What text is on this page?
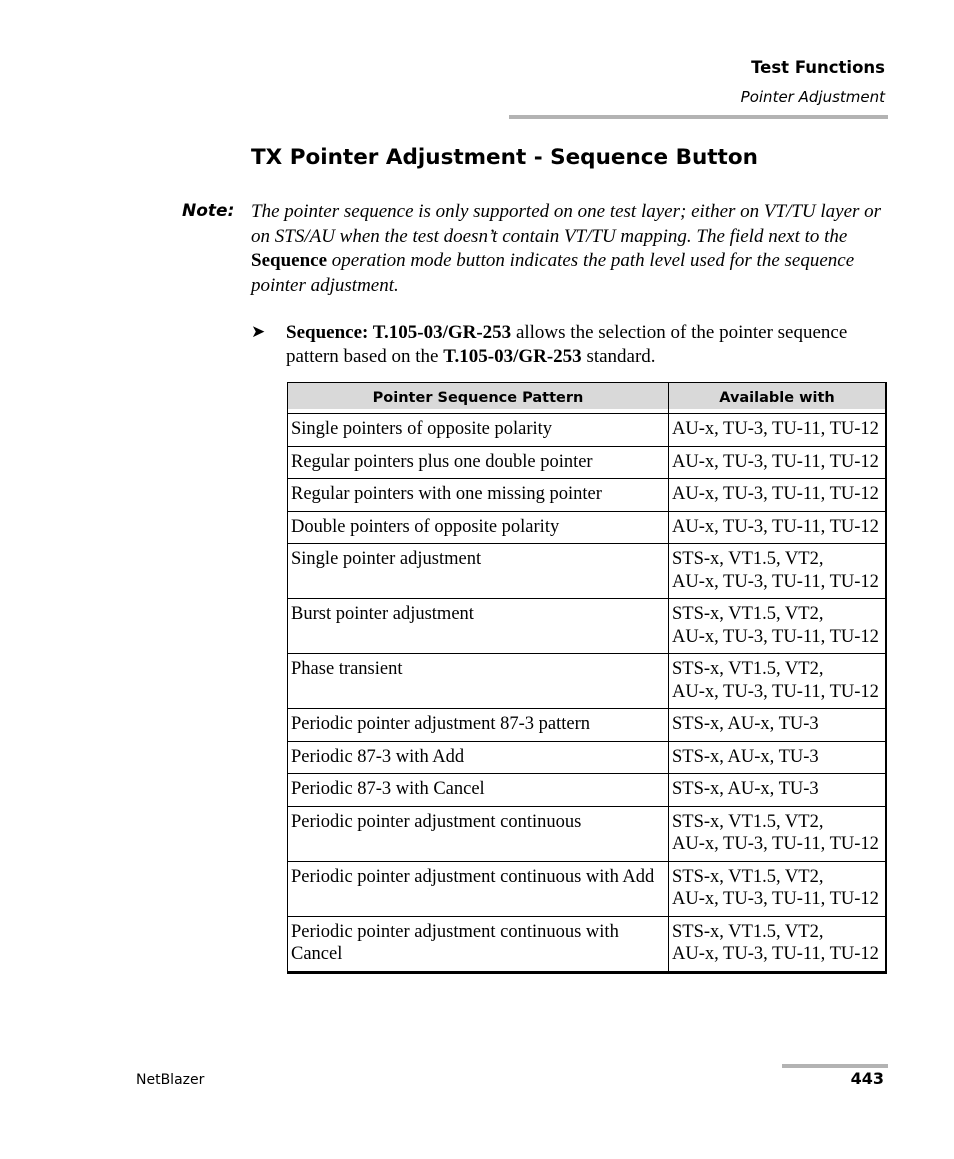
Test Functions
Pointer Adjustment
TX Pointer Adjustment - Sequence Button
Note: The pointer sequence is only supported on one test layer; either on VT/TU layer or on STS/AU when the test doesn’t contain VT/TU mapping. The field next to the Sequence operation mode button indicates the path level used for the sequence pointer adjustment.
➤ Sequence: T.105-03/GR-253 allows the selection of the pointer sequence pattern based on the T.105-03/GR-253 standard.
Pointer Sequence Pattern	Available with
Single pointers of opposite polarity	AU-x, TU-3, TU-11, TU-12
Regular pointers plus one double pointer	AU-x, TU-3, TU-11, TU-12
Regular pointers with one missing pointer	AU-x, TU-3, TU-11, TU-12
Double pointers of opposite polarity	AU-x, TU-3, TU-11, TU-12
Single pointer adjustment	STS-x, VT1.5, VT2,
AU-x, TU-3, TU-11, TU-12
Burst pointer adjustment	STS-x, VT1.5, VT2,
AU-x, TU-3, TU-11, TU-12
Phase transient	STS-x, VT1.5, VT2,
AU-x, TU-3, TU-11, TU-12
Periodic pointer adjustment 87-3 pattern	STS-x, AU-x, TU-3
Periodic 87-3 with Add	STS-x, AU-x, TU-3
Periodic 87-3 with Cancel	STS-x, AU-x, TU-3
Periodic pointer adjustment continuous	STS-x, VT1.5, VT2,
AU-x, TU-3, TU-11, TU-12
Periodic pointer adjustment continuous with Add	STS-x, VT1.5, VT2,
AU-x, TU-3, TU-11, TU-12
Periodic pointer adjustment continuous with Cancel	STS-x, VT1.5, VT2,
AU-x, TU-3, TU-11, TU-12
NetBlazer	443
